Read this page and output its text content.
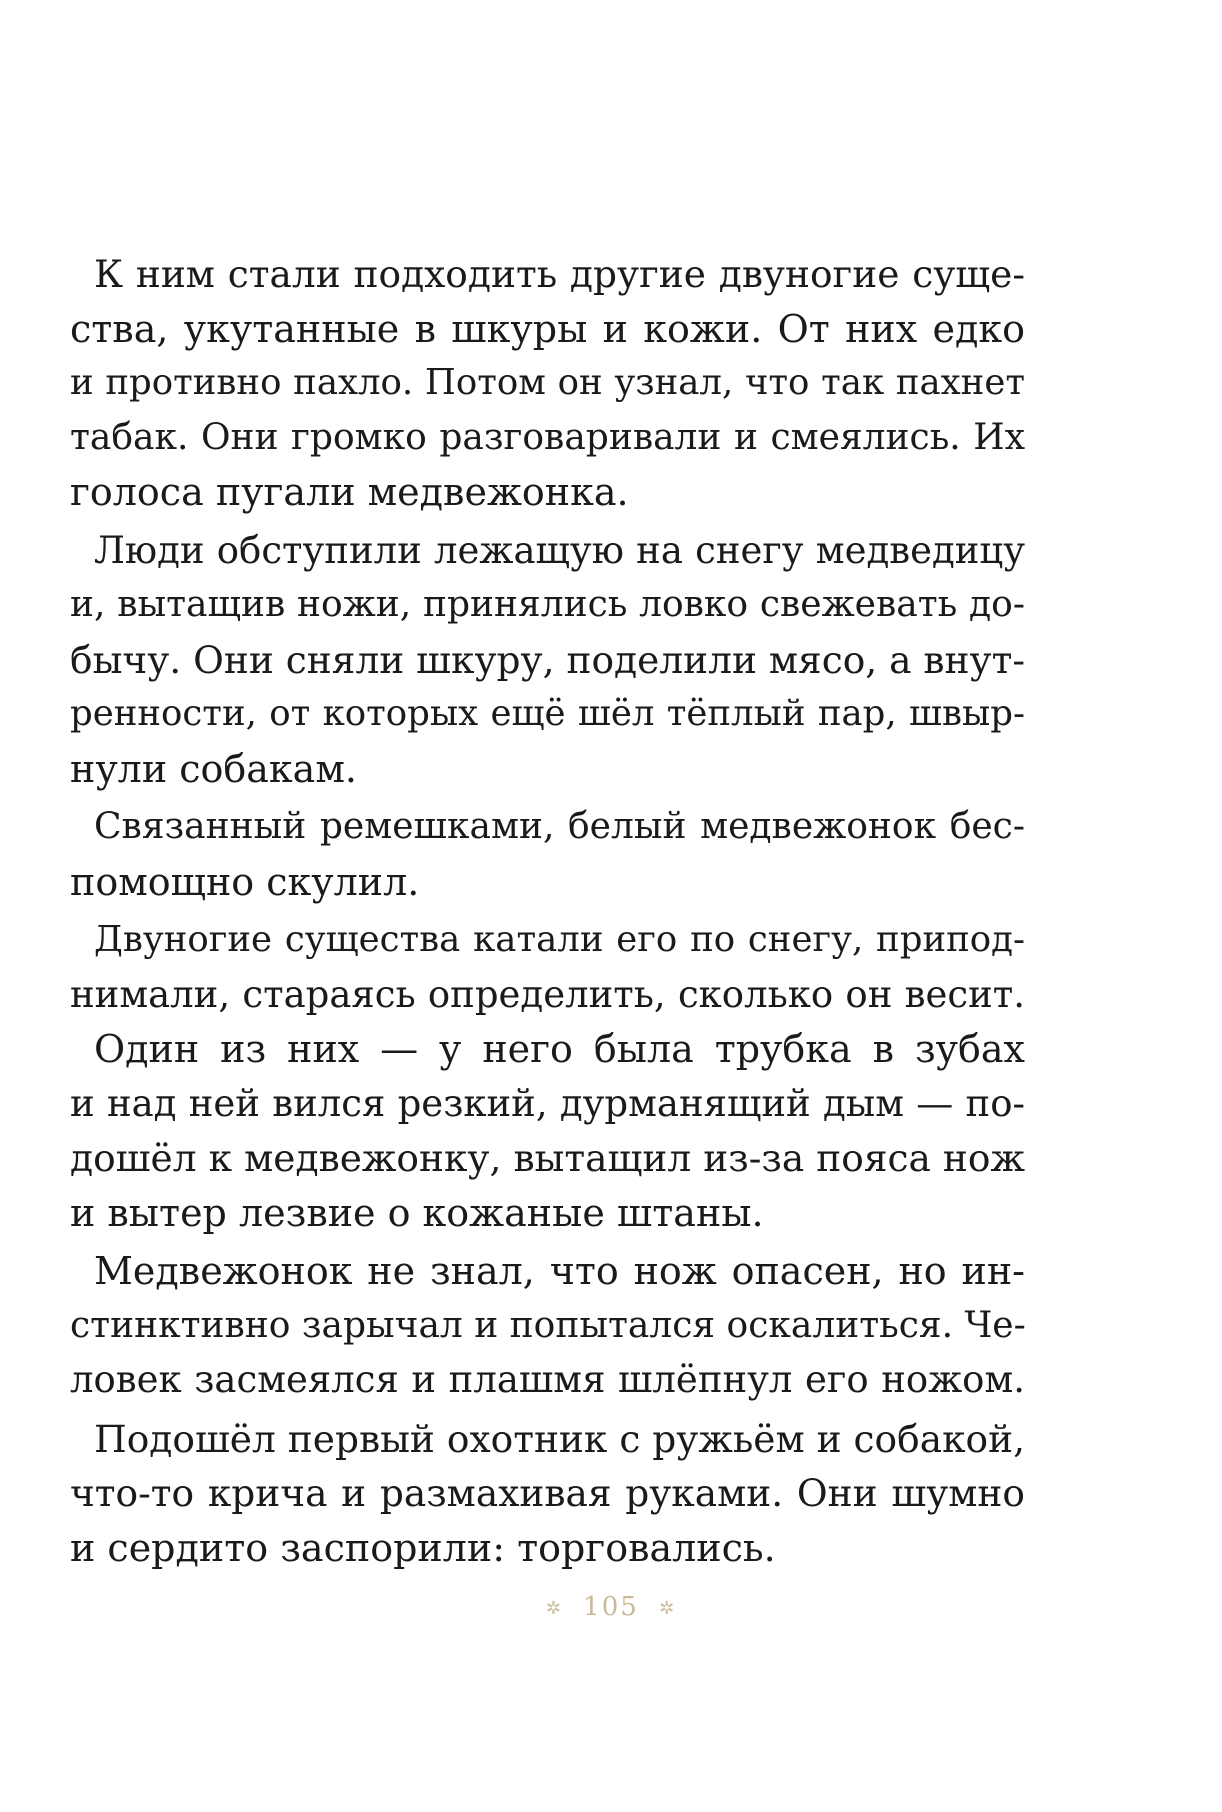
К ним стали подходить другие двуногие суще-
ства, укутанные в шкуры и кожи. От них едко
и противно пахло. Потом он узнал, что так пахнет
табак. Они громко разговаривали и смеялись. Их
голоса пугали медвежонка.
Люди обступили лежащую на снегу медведицу
и, вытащив ножи, принялись ловко свежевать до-
бычу. Они сняли шкуру, поделили мясо, а внут-
ренности, от которых ещё шёл тёплый пар, швыр-
нули собакам.
Связанный ремешками, белый медвежонок бес-
помощно скулил.
Двуногие существа катали его по снегу, припод-
нимали, стараясь определить, сколько он весит.
Один из них — у него была трубка в зубах
и над ней вился резкий, дурманящий дым — по-
дошёл к медвежонку, вытащил из-за пояса нож
и вытер лезвие о кожаные штаны.
Медвежонок не знал, что нож опасен, но ин-
стинктивно зарычал и попытался оскалиться. Че-
ловек засмеялся и плашмя шлёпнул его ножом.
Подошёл первый охотник с ружьём и собакой,
что-то крича и размахивая руками. Они шумно
и сердито заспорили: торговались.
✲ 105 ✲
